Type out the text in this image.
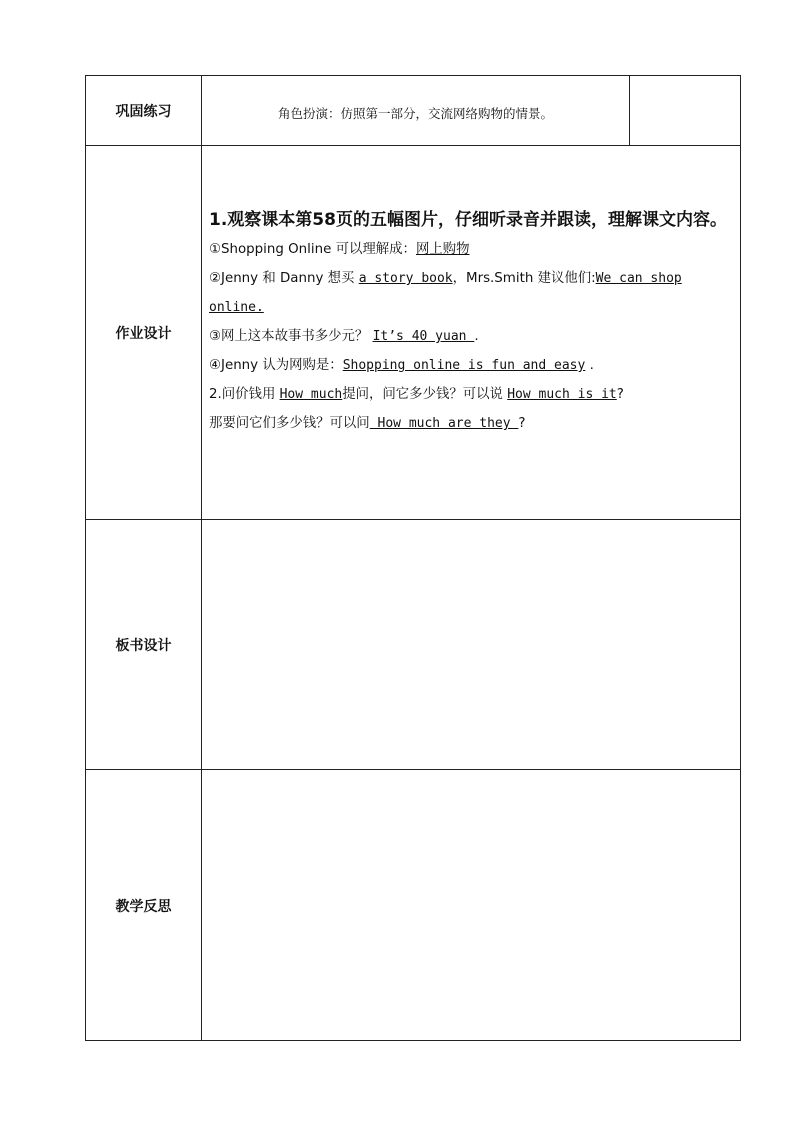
巩固练习
作业设计
板书设计
教学反思
角色扮演：仿照第一部分，交流网络购物的情景。
1.观察课本第58页的五幅图片，仔细听录音并跟读，理解课文内容。
①Shopping Online 可以理解成：网上购物
②Jenny 和 Danny 想买 a story book，Mrs.Smith 建议他们:We can shop
online.
③网上这本故事书多少元？ It’s 40 yuan .
④Jenny 认为网购是：Shopping online is fun and easy .
2.问价钱用 How much提问，问它多少钱？可以说 How much is it?
那要问它们多少钱？可以问 How much are they ?
